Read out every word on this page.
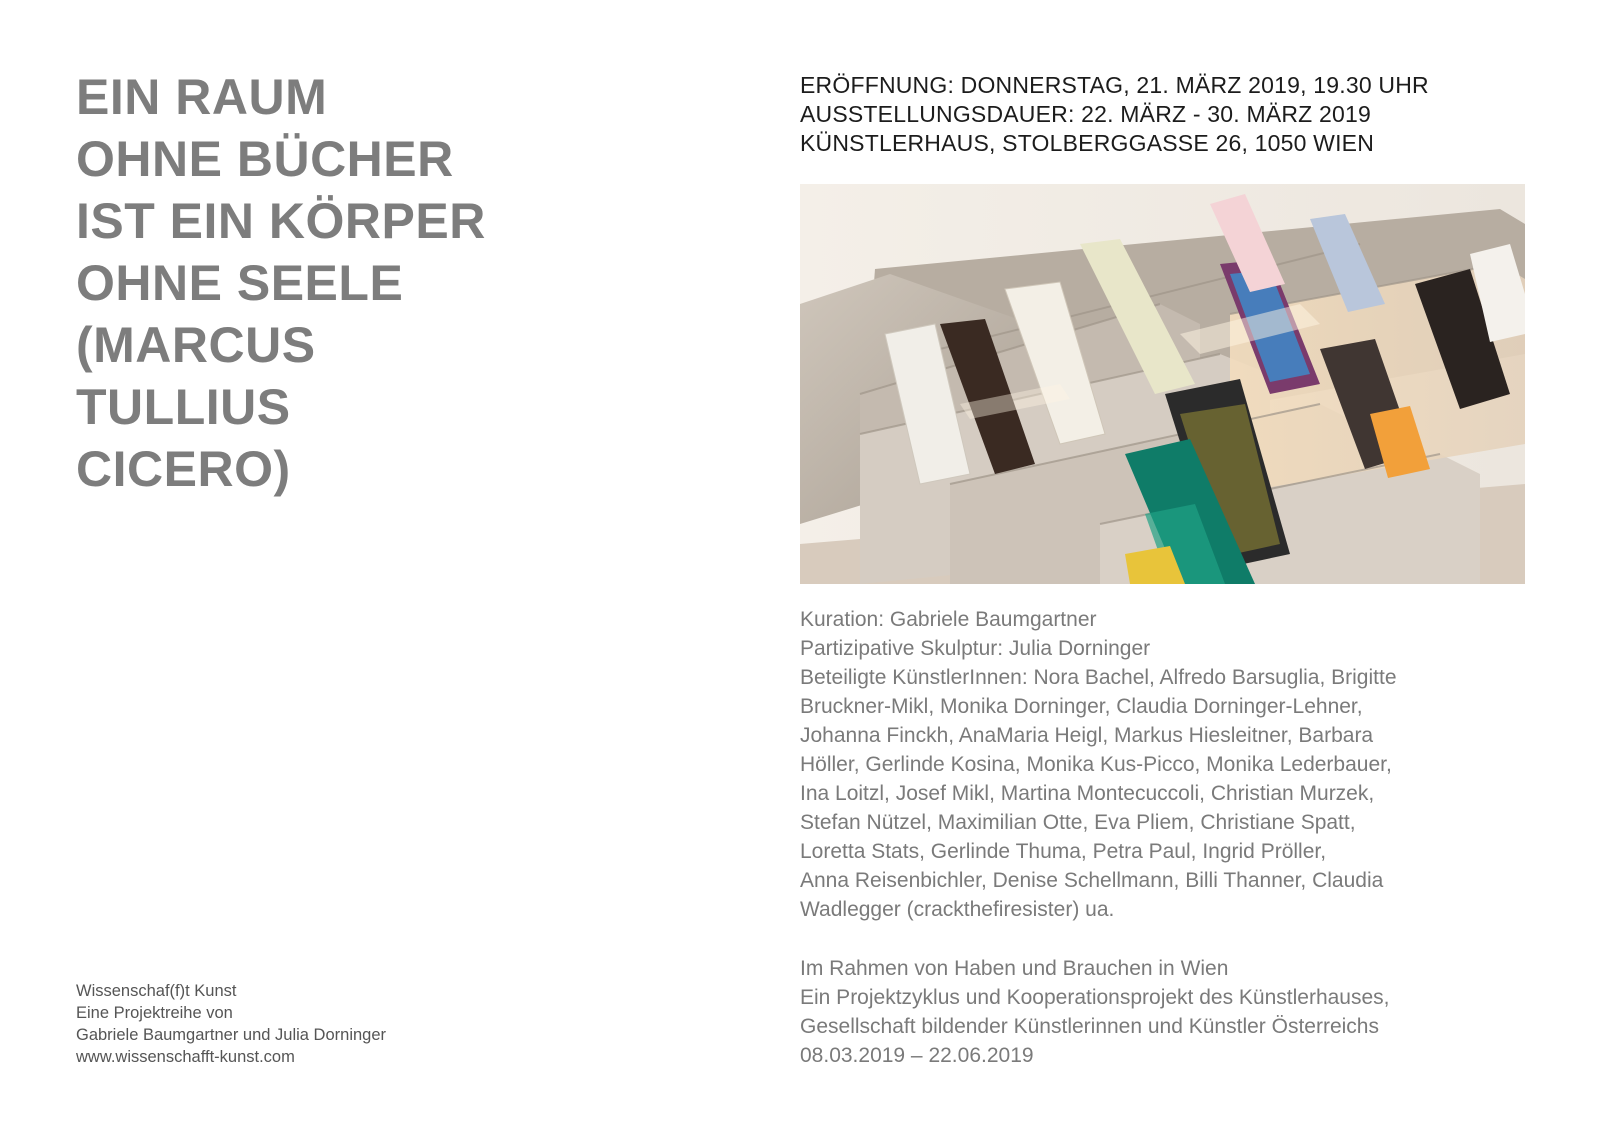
EIN RAUM
OHNE BÜCHER
IST EIN KÖRPER
OHNE SEELE
(MARCUS
TULLIUS
CICERO)
Wissenschaf(f)t Kunst
Eine Projektreihe von
Gabriele Baumgartner und Julia Dorninger
www.wissenschafft-kunst.com
ERÖFFNUNG: DONNERSTAG, 21. MÄRZ 2019, 19.30 UHR
AUSSTELLUNGSDAUER: 22. MÄRZ - 30. MÄRZ 2019
KÜNSTLERHAUS, STOLBERGGASSE 26, 1050 WIEN
Kuration: Gabriele Baumgartner
Partizipative Skulptur: Julia Dorninger
Beteiligte KünstlerInnen: Nora Bachel, Alfredo Barsuglia, Brigitte
Bruckner-Mikl, Monika Dorninger, Claudia Dorninger-Lehner,
Johanna Finckh, AnaMaria Heigl, Markus Hiesleitner, Barbara
Höller, Gerlinde Kosina, Monika Kus-Picco, Monika Lederbauer,
Ina Loitzl, Josef Mikl, Martina Montecuccoli, Christian Murzek,
Stefan Nützel, Maximilian Otte, Eva Pliem, Christiane Spatt,
Loretta Stats, Gerlinde Thuma, Petra Paul, Ingrid Pröller,
Anna Reisenbichler, Denise Schellmann, Billi Thanner, Claudia
Wadlegger (crackthefiresister) ua.
Im Rahmen von Haben und Brauchen in Wien
Ein Projektzyklus und Kooperationsprojekt des Künstlerhauses,
Gesellschaft bildender Künstlerinnen und Künstler Österreichs
08.03.2019 – 22.06.2019
